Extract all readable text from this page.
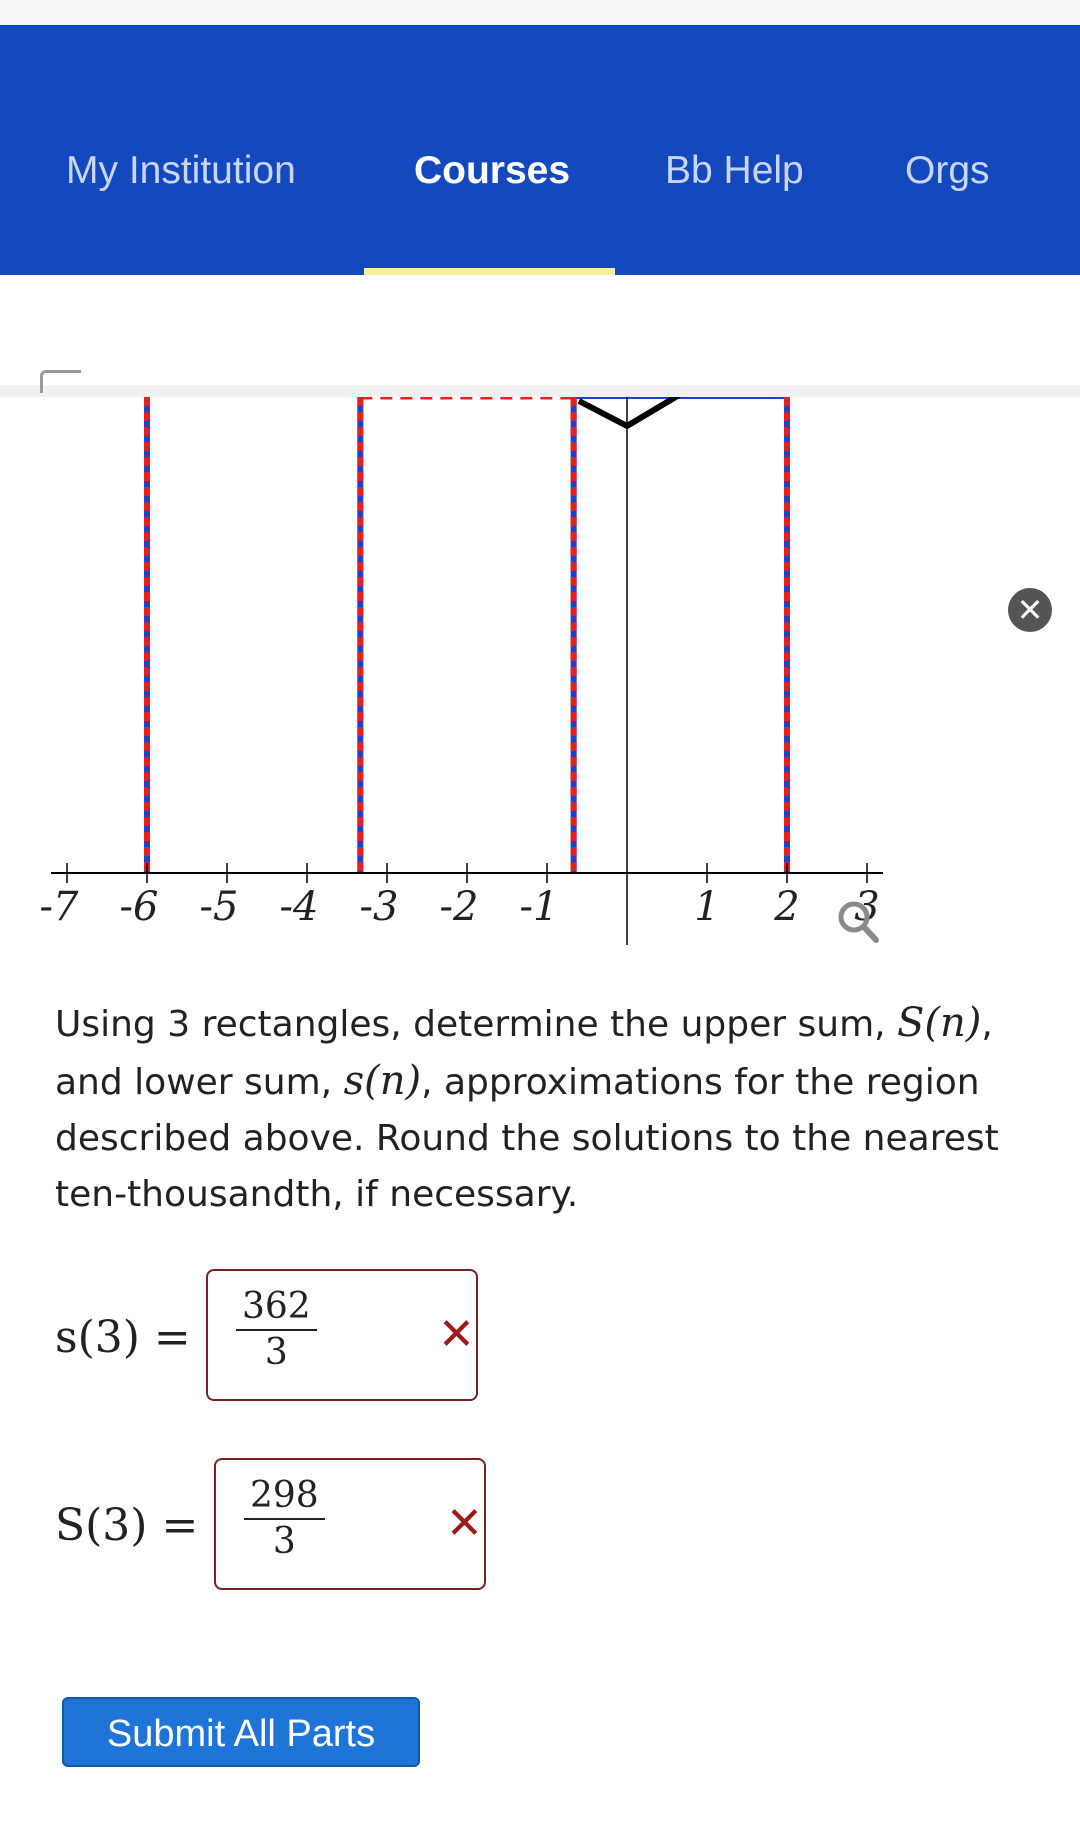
My Institution	Courses Bb Help	Orgs
✕
-7 -6 -5 -4 -3 -2 -1	1 2 3
Using 3 rectangles, determine the upper sum, S(n), and lower sum, s(n), approximations for the region described above. Round the solutions to the nearest ten-thousandth, if necessary.
$s(3) = \frac{362}{3}$	✕
$S(3) = \frac{298}{3}$	✕
Submit All Parts
